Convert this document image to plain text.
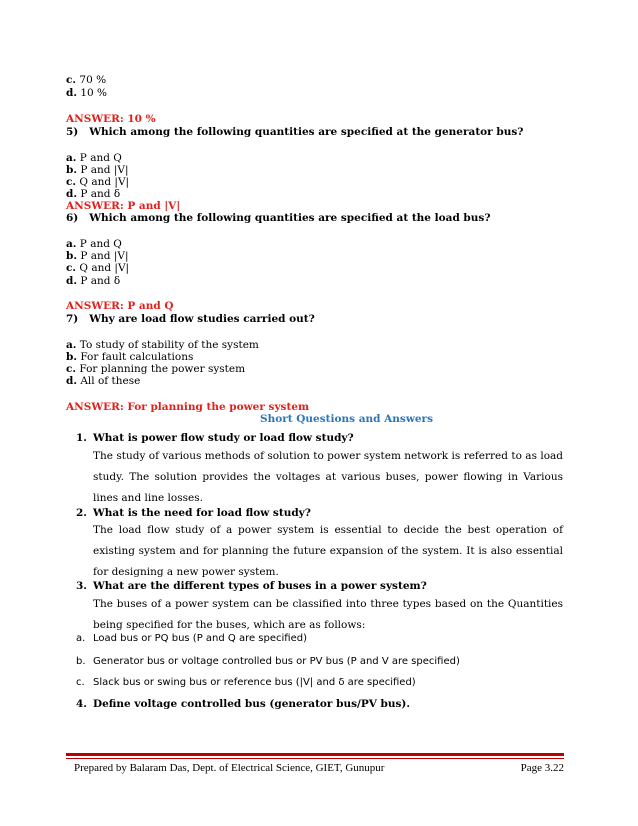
c. 70 %
d. 10 %
ANSWER: 10 %
5) Which among the following quantities are specified at the generator bus?
a. P and Q
b. P and |V|
c. Q and |V|
d. P and δ
ANSWER: P and |V|
6) Which among the following quantities are specified at the load bus?
a. P and Q
b. P and |V|
c. Q and |V|
d. P and δ
ANSWER: P and Q
7) Why are load flow studies carried out?
a. To study of stability of the system
b. For fault calculations
c. For planning the power system
d. All of these
ANSWER: For planning the power system
Short Questions and Answers
1. What is power flow study or load flow study?
The study of various methods of solution to power system network is referred to as load study. The solution provides the voltages at various buses, power flowing in Various lines and line losses.
2. What is the need for load flow study?
The load flow study of a power system is essential to decide the best operation of existing system and for planning the future expansion of the system. It is also essential for designing a new power system.
3. What are the different types of buses in a power system?
The buses of a power system can be classified into three types based on the Quantities being specified for the buses, which are as follows:
a. Load bus or PQ bus (P and Q are specified)
b. Generator bus or voltage controlled bus or PV bus (P and V are specified)
c. Slack bus or swing bus or reference bus (|V| and δ are specified)
4. Define voltage controlled bus (generator bus/PV bus).
Prepared by Balaram Das, Dept. of Electrical Science, GIET, Gunupur	Page 3.22
